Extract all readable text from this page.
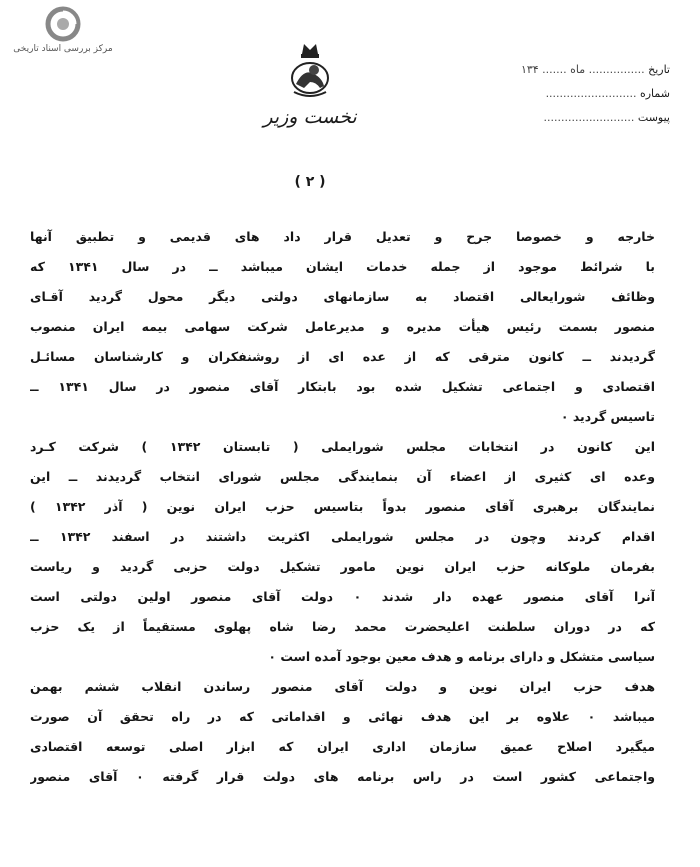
مرکز بررسی اسناد تاریخی
نخست وزیر
تاریخ ................ ماه ....... ۱۳۴
شماره ..........................
پیوست ..........................
( ۲ )
خارجه و خصوصا جرح و تعدیل قرار داد های قدیمی و تطبیق آنها
با شرائط موجود از جمله خدمات ایشان میباشد ــ در سال ۱۳۴۱ که
وظائف شورایعالی اقتصاد به سازمانهای دولتی دیگر محول گردید آقـای
منصور بسمت رئیس هیأت مدیره و مدیرعامل شرکت سهامی بیمه ایران منصوب
گردیدند ــ کانون مترقی که از عده ای از روشنفکران و کارشناسان مسائـل
اقتصادی و اجتماعی تشکیل شده بود بابتکار آقای منصور در سال ۱۳۴۱ ــ
تاسیس گردید ۰
این کانون در انتخابات مجلس شورایملی ( تابستان ۱۳۴۲ ) شرکت کـرد
وعده ای کثیری از اعضاء آن بنمایندگی مجلس شورای انتخاب گردیدند ــ این
نمایندگان برهبری آقای منصور بدواً بتاسیس حزب ایران نوین ( آذر ۱۳۴۲ )
اقدام کردند وچون در مجلس شورایملی اکثریت داشتند در اسفند ۱۳۴۲ ــ
بفرمان ملوکانه حزب ایران نوین مامور تشکیل دولت حزبی گردید و ریاست
آنرا آقای منصور عهده دار شدند ۰ دولت آقای منصور اولین دولتی است
که در دوران سلطنت اعلیحضرت محمد رضا شاه پهلوی مستقیماً از یک حزب
سیاسی متشکل و دارای برنامه و هدف معین بوجود آمده است ۰
هدف حزب ایران نوین و دولت آقای منصور رساندن انقلاب ششم بهمن
میباشد ۰ علاوه بر این هدف نهائی و اقداماتی که در راه تحقق آن صورت
میگیرد اصلاح عمیق سازمان اداری ایران که ابزار اصلی توسعه اقتصادی
واجتماعی کشور است در راس برنامه های دولت قرار گرفته ۰ آقای منصور
